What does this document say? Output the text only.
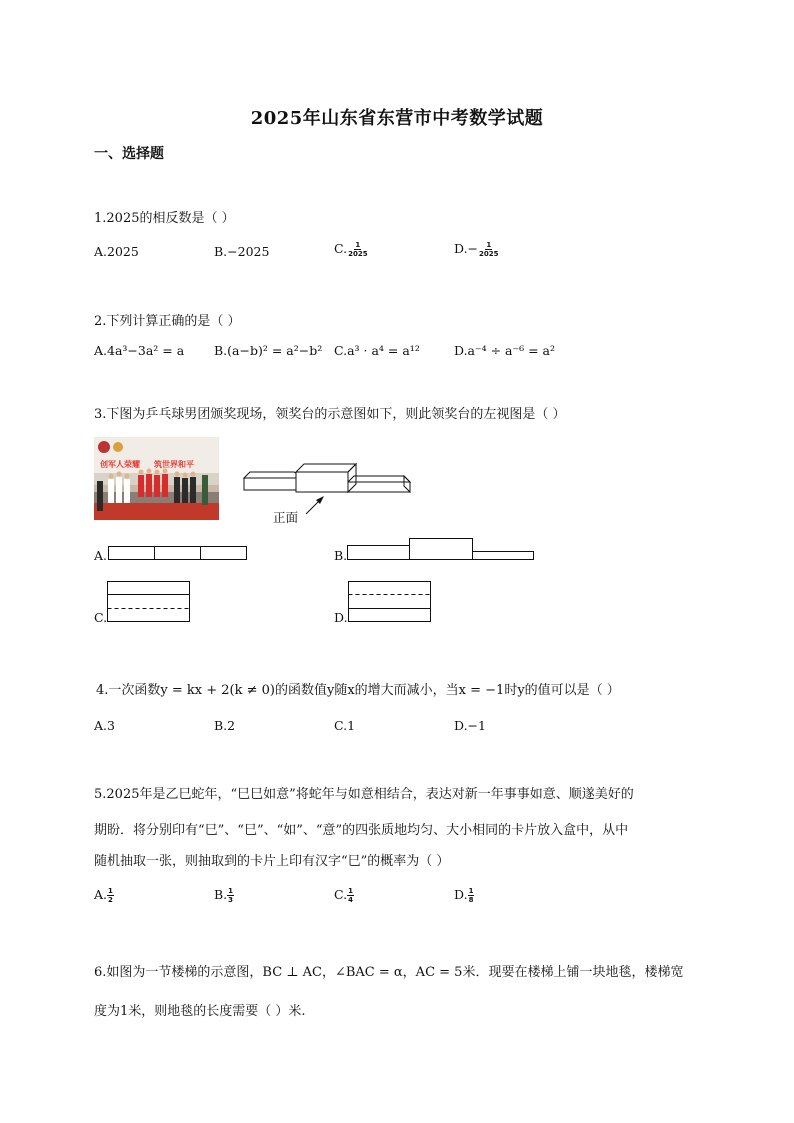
2025年山东省东营市中考数学试题
一、选择题
1.2025的相反数是（ ）
A.2025	B.−2025	C. $\frac{1}{2025}$	$D.- \frac{1}{2025}$
2.下列计算正确的是（ ）
A.4a³−3a² = a B.(a−b)² = a²−b² C.a³ · a⁴ = a¹²	D.a⁻⁴ ÷ a⁻⁶ = a²
3.下图为乒乓球男团颁奖现场，领奖台的示意图如下，则此领奖台的左视图是（ ）
创军人荣耀 筑世界和平
正面
A.	B.
C.	D.
4.一次函数y = kx + 2(k ≠ 0)的函数值y随x的增大而减小，当x = −1时y的值可以是（ ）
A.3	B.2	C.1	D.−1
5.2025年是乙巳蛇年，“巳巳如意”将蛇年与如意相结合，表达对新一年事事如意、顺遂美好的
期盼．将分别印有“巳”、“巳”、“如”、“意”的四张质地均匀、大小相同的卡片放入盒中，从中
随机抽取一张，则抽取到的卡片上印有汉字“巳”的概率为（ ）
A. $\frac{1}{2}$	B. $\frac{1}{3}$	C. $\frac{1}{4}$	D. $\frac{1}{8}$
6.如图为一节楼梯的示意图，BC ⊥ AC，∠BAC = α，AC = 5米．现要在楼梯上铺一块地毯，楼梯宽
度为1米，则地毯的长度需要（ ）米.
